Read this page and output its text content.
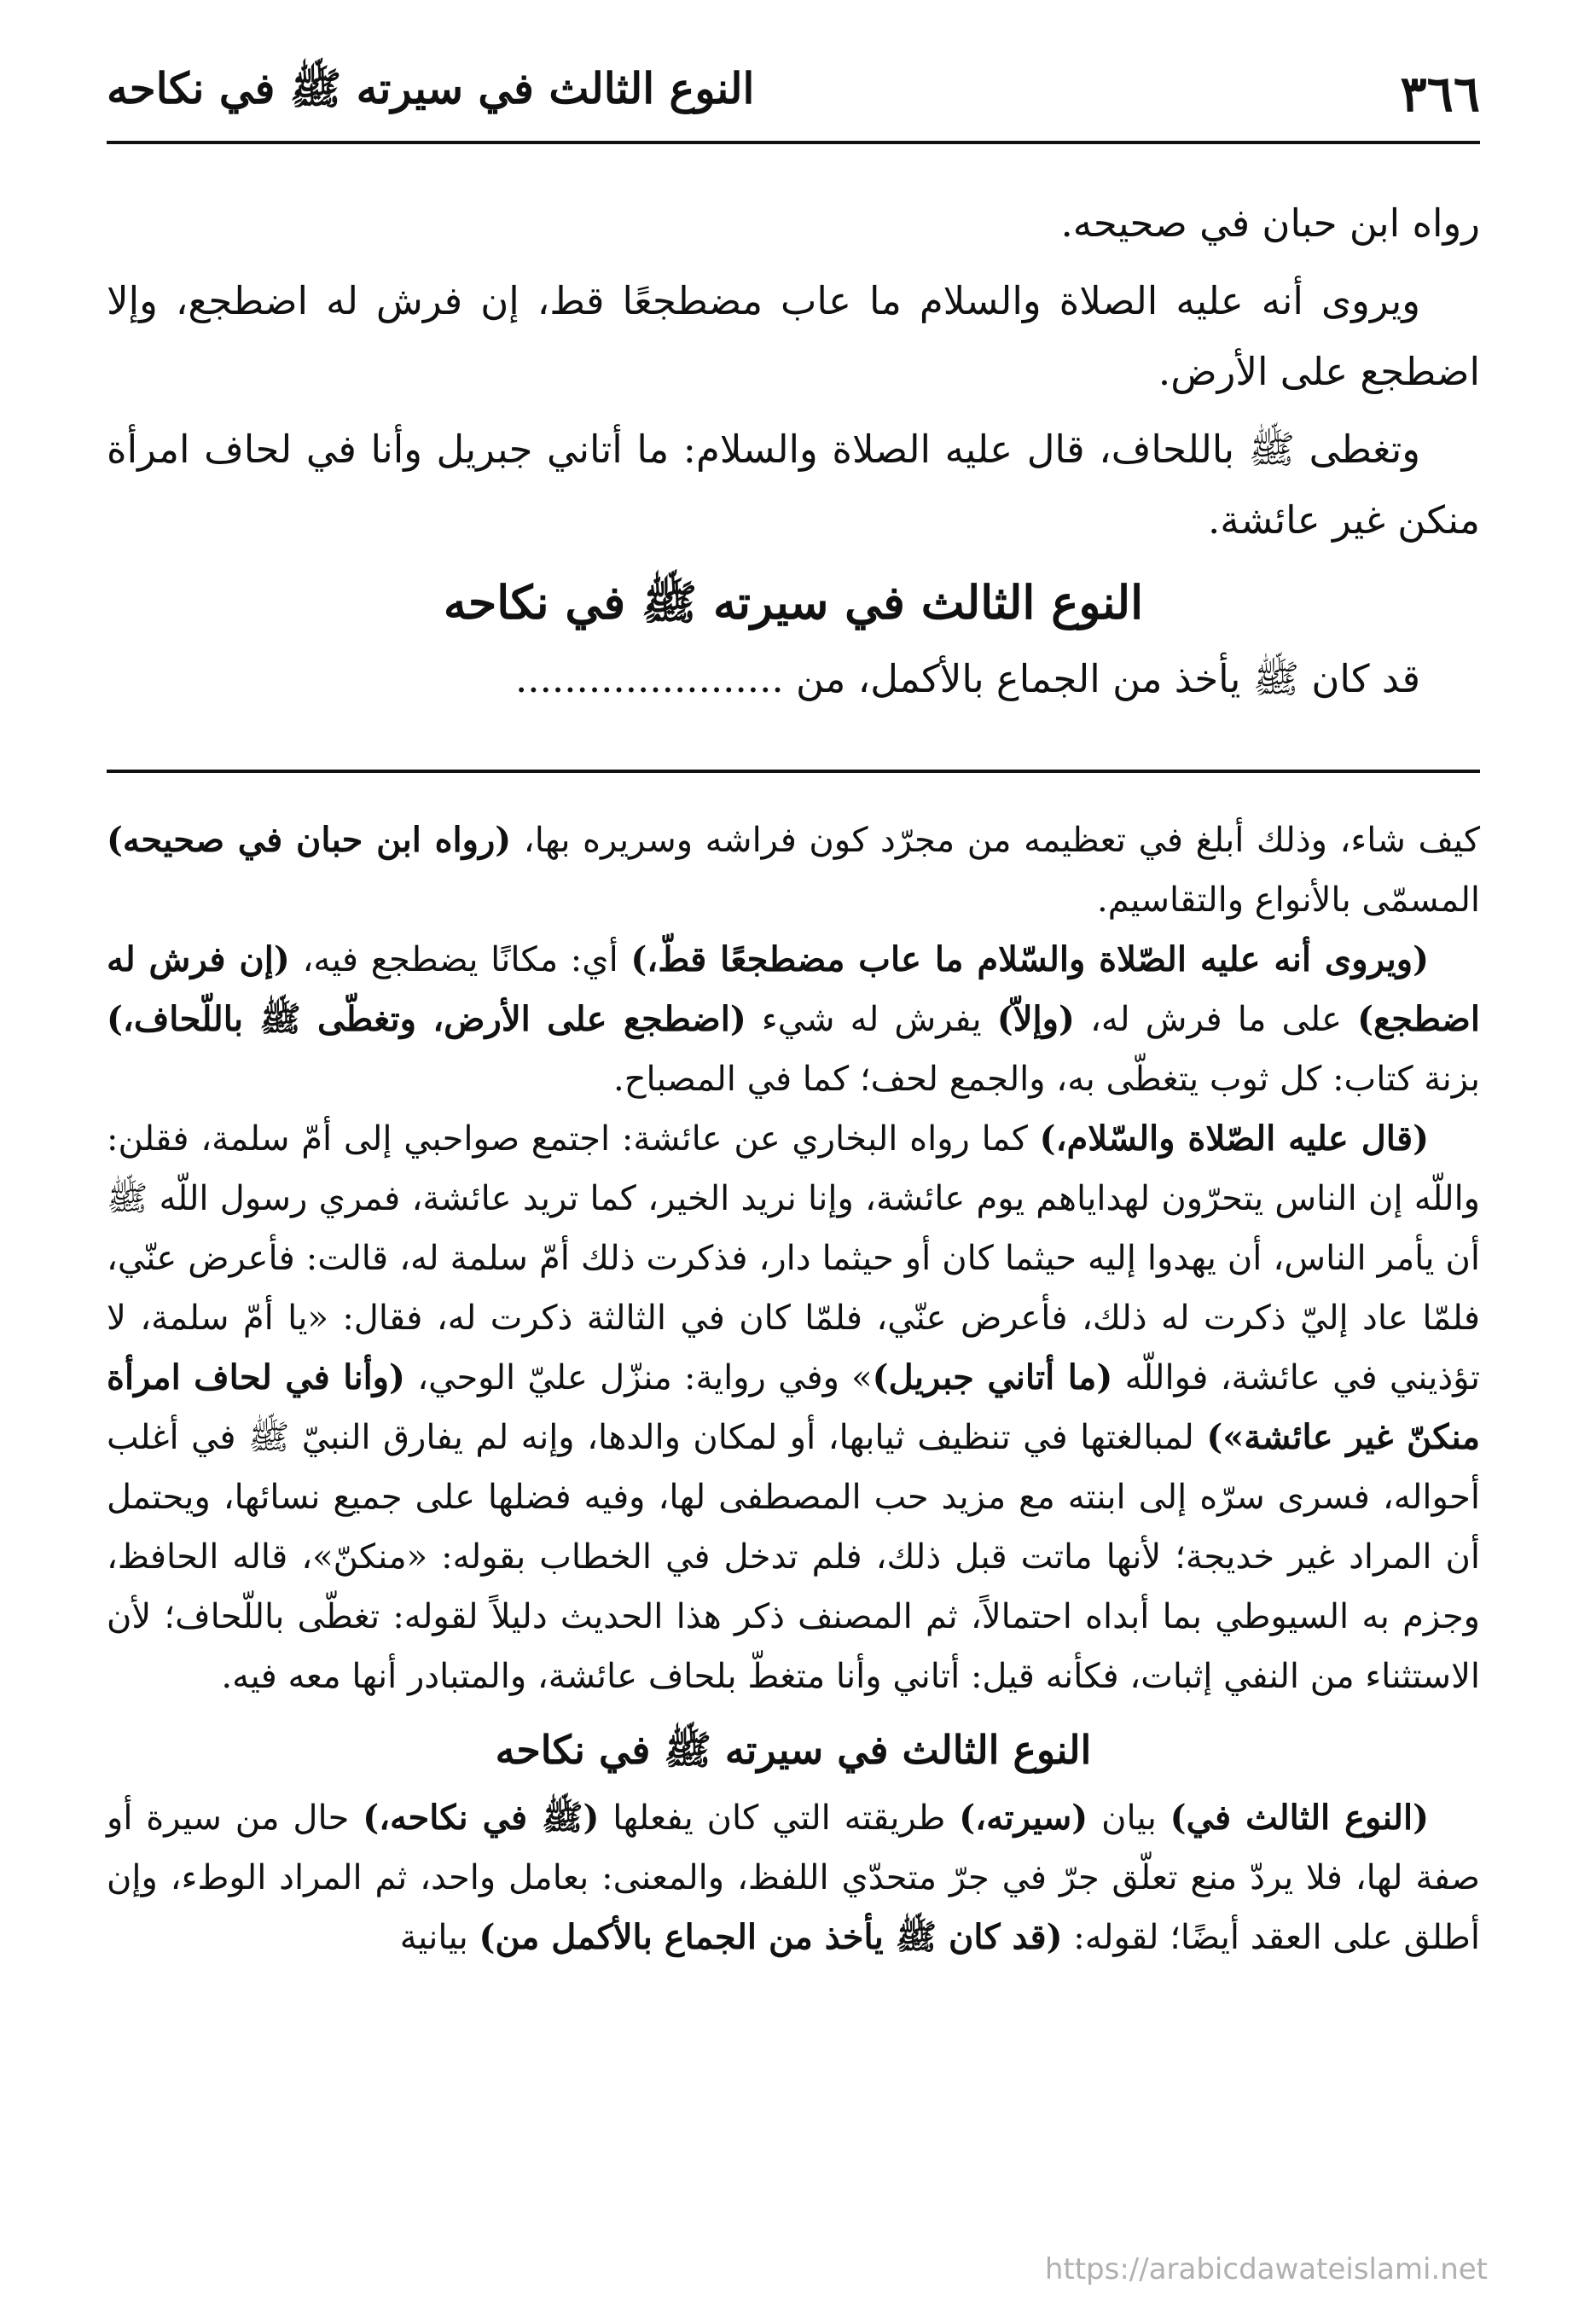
٣٦٦
النوع الثالث في سيرته ﷺ في نكاحه

رواه ابن حبان في صحيحه.

ويروى أنه عليه الصلاة والسلام ما عاب مضطجعًا قط، إن فرش له اضطجع، وإلا اضطجع على الأرض.

وتغطى ﷺ باللحاف، قال عليه الصلاة والسلام: ما أتاني جبريل وأنا في لحاف امرأة منكن غير عائشة.

النوع الثالث في سيرته ﷺ في نكاحه

قد كان ﷺ يأخذ من الجماع بالأكمل، من ......................

كيف شاء، وذلك أبلغ في تعظيمه من مجرّد كون فراشه وسريره بها، (رواه ابن حبان في صحيحه) المسمّى بالأنواع والتقاسيم.

(ويروى أنه عليه الصّلاة والسّلام ما عاب مضطجعًا قطّ،) أي: مكانًا يضطجع فيه، (إن فرش له اضطجع) على ما فرش له، (وإلاّ) يفرش له شيء (اضطجع على الأرض، وتغطّى ﷺ باللّحاف،) بزنة كتاب: كل ثوب يتغطّى به، والجمع لحف؛ كما في المصباح.

(قال عليه الصّلاة والسّلام،) كما رواه البخاري عن عائشة: اجتمع صواحبي إلى أمّ سلمة، فقلن: واللّه إن الناس يتحرّون لهداياهم يوم عائشة، وإنا نريد الخير، كما تريد عائشة، فمري رسول اللّه ﷺ أن يأمر الناس، أن يهدوا إليه حيثما كان أو حيثما دار، فذكرت ذلك أمّ سلمة له، قالت: فأعرض عنّي، فلمّا عاد إليّ ذكرت له ذلك، فأعرض عنّي، فلمّا كان في الثالثة ذكرت له، فقال: «يا أمّ سلمة، لا تؤذيني في عائشة، فواللّه (ما أتاني جبريل)» وفي رواية: منزّل عليّ الوحي، (وأنا في لحاف امرأة منكنّ غير عائشة») لمبالغتها في تنظيف ثيابها، أو لمكان والدها، وإنه لم يفارق النبيّ ﷺ في أغلب أحواله، فسرى سرّه إلى ابنته مع مزيد حب المصطفى لها، وفيه فضلها على جميع نسائها، ويحتمل أن المراد غير خديجة؛ لأنها ماتت قبل ذلك، فلم تدخل في الخطاب بقوله: «منكنّ»، قاله الحافظ، وجزم به السيوطي بما أبداه احتمالاً، ثم المصنف ذكر هذا الحديث دليلاً لقوله: تغطّى باللّحاف؛ لأن الاستثناء من النفي إثبات، فكأنه قيل: أتاني وأنا متغطّ بلحاف عائشة، والمتبادر أنها معه فيه.

النوع الثالث في سيرته ﷺ في نكاحه

(النوع الثالث في) بيان (سيرته،) طريقته التي كان يفعلها (ﷺ في نكاحه،) حال من سيرة أو صفة لها، فلا يردّ منع تعلّق جرّ في جرّ متحدّي اللفظ، والمعنى: بعامل واحد، ثم المراد الوطء، وإن أطلق على العقد أيضًا؛ لقوله: (قد كان ﷺ يأخذ من الجماع بالأكمل من) بيانية

https://arabicdawateislami.net
